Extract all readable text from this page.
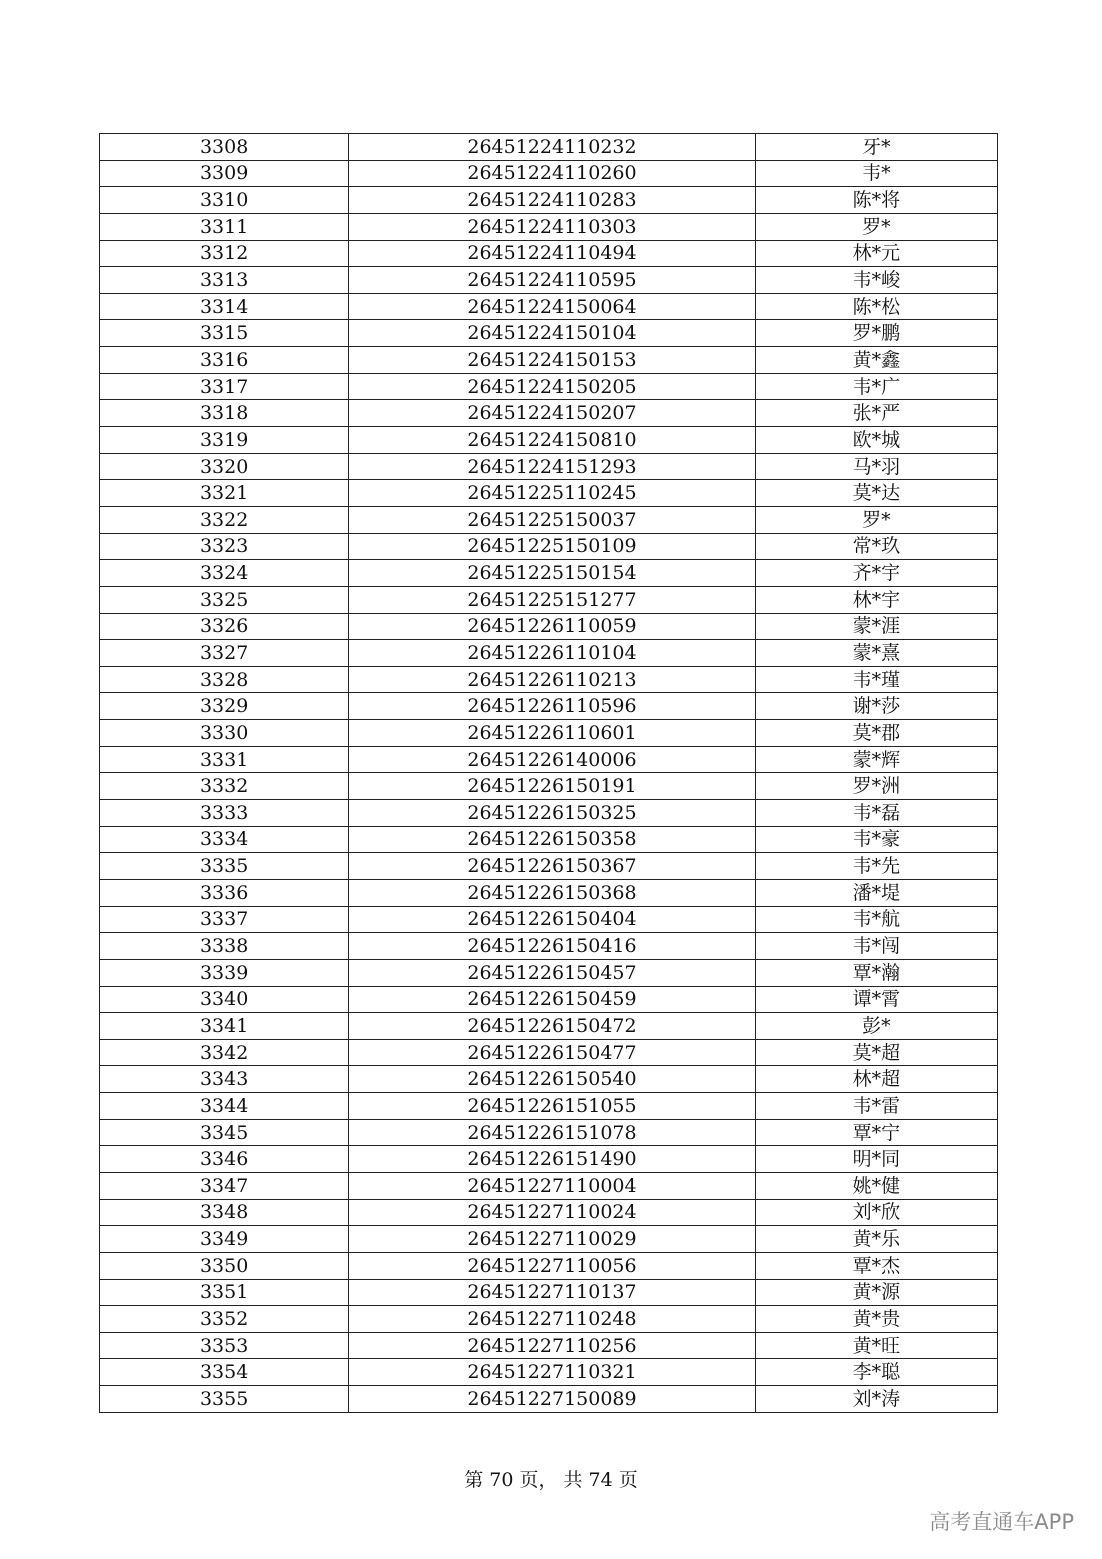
3308	26451224110232	牙*
3309	26451224110260	韦*
3310	26451224110283	陈*将
3311	26451224110303	罗*
3312	26451224110494	林*元
3313	26451224110595	韦*峻
3314	26451224150064	陈*松
3315	26451224150104	罗*鹏
3316	26451224150153	黄*鑫
3317	26451224150205	韦*广
3318	26451224150207	张*严
3319	26451224150810	欧*城
3320	26451224151293	马*羽
3321	26451225110245	莫*达
3322	26451225150037	罗*
3323	26451225150109	常*玖
3324	26451225150154	齐*宇
3325	26451225151277	林*宇
3326	26451226110059	蒙*涯
3327	26451226110104	蒙*熹
3328	26451226110213	韦*瑾
3329	26451226110596	谢*莎
3330	26451226110601	莫*郡
3331	26451226140006	蒙*辉
3332	26451226150191	罗*洲
3333	26451226150325	韦*磊
3334	26451226150358	韦*豪
3335	26451226150367	韦*先
3336	26451226150368	潘*堤
3337	26451226150404	韦*航
3338	26451226150416	韦*闯
3339	26451226150457	覃*瀚
3340	26451226150459	谭*霄
3341	26451226150472	彭*
3342	26451226150477	莫*超
3343	26451226150540	林*超
3344	26451226151055	韦*雷
3345	26451226151078	覃*宁
3346	26451226151490	明*同
3347	26451227110004	姚*健
3348	26451227110024	刘*欣
3349	26451227110029	黄*乐
3350	26451227110056	覃*杰
3351	26451227110137	黄*源
3352	26451227110248	黄*贵
3353	26451227110256	黄*旺
3354	26451227110321	李*聪
3355	26451227150089	刘*涛
第 70 页， 共 74 页
高考直通车APP
